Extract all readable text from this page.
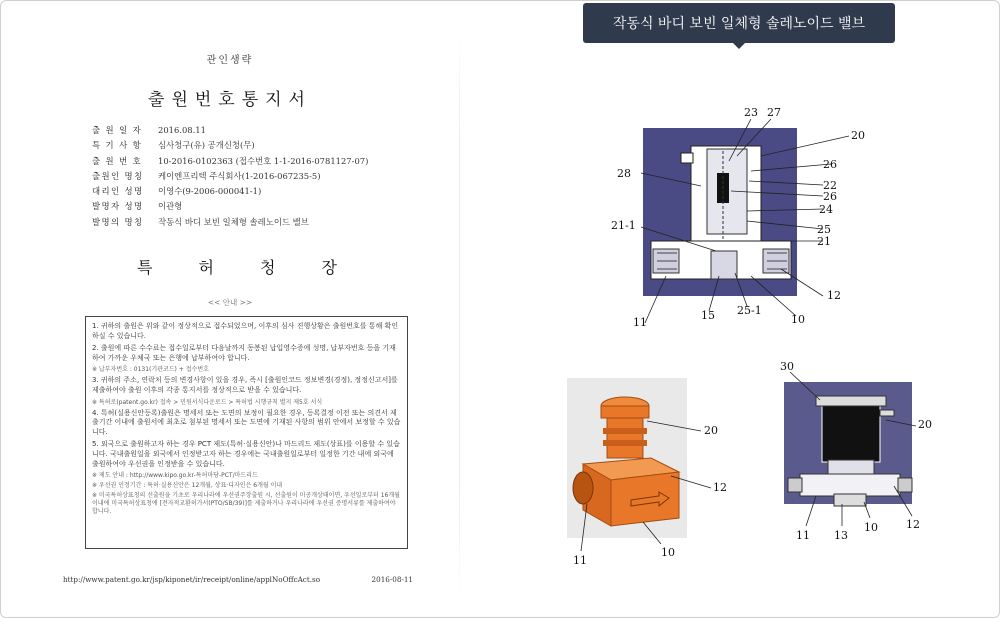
관인생략
출원번호통지서
출 원 일 자	2016.08.11
특 기 사 항	심사청구(유) 공개신청(무)
출 원 번 호	10-2016-0102363 (접수번호 1-1-2016-0781127-07)
출원인 명칭	케이엔프리텍 주식회사(1-2016-067235-5)
대리인 성명	이영수(9-2006-000041-1)
발명자 성명	이관형
발명의 명칭	작동식 바디 보빈 일체형 솔레노이드 밸브
특	허	청	장
<< 안내 >>
1. 귀하의 출원은 위와 같이 정상적으로 접수되었으며, 이후의 심사 진행상황은 출원번호를 통해 확인하실 수 있습니다.
2. 출원에 따른 수수료는 접수일로부터 다음날까지 동봉된 납입영수증에 성명, 납부자번호 등을 기재하여 가까운 우체국 또는 은행에 납부하여야 합니다.
※ 납부자번호 : 0131(기관코드) + 접수번호
3. 귀하의 주소, 연락처 등의 변경사항이 있을 경우, 즉시 [출원인코드 정보변경(경정), 정정신고서]를 제출하여야 출원 이후의 각종 통지서를 정상적으로 받을 수 있습니다.
※ 특허로(patent.go.kr) 접속 > 민원서식다운로드 > 특허법 시행규칙 별지 제5호 서식
4. 특허(실용신안등록)출원은 명세서 또는 도면의 보정이 필요한 경우, 등록결정 이전 또는 의견서 제출기간 이내에 출원서에 최초로 첨부된 명세서 또는 도면에 기재된 사항의 범위 안에서 보정할 수 있습니다.
5. 외국으로 출원하고자 하는 경우 PCT 제도(특허·실용신안)나 마드리드 제도(상표)를 이용할 수 있습니다. 국내출원일을 외국에서 인정받고자 하는 경우에는 국내출원일로부터 일정한 기간 내에 외국에 출원하여야 우선권을 인정받을 수 있습니다.
※ 제도 안내 : http://www.kipo.go.kr-특허마당-PCT/마드리드
※ 우선권 인정기간 : 특허·실용신안은 12개월, 상표·디자인은 6개월 이내
※ 미국특허상표청의 선출원을 기초로 우리나라에 우선권주장출원 시, 선출원이 미공개상태이면, 우선일로부터 16개월 이내에 미국특허상표청에 [전자적교환허가서(PTO/SB/39)]를 제출하거나 우리나라에 우선권 증명서류를 제출하여야 합니다.
http://www.patent.go.kr/jsp/kiponet/ir/receipt/online/applNoOffcAct.so	2016-08-11
작동식 바디 보빈 일체형 솔레노이드 밸브
23 27
20
28
26
22
26
24
25
21
21-1
12
11
15 25-1
10
20
12
11
10
30
20
12
11 13
10
